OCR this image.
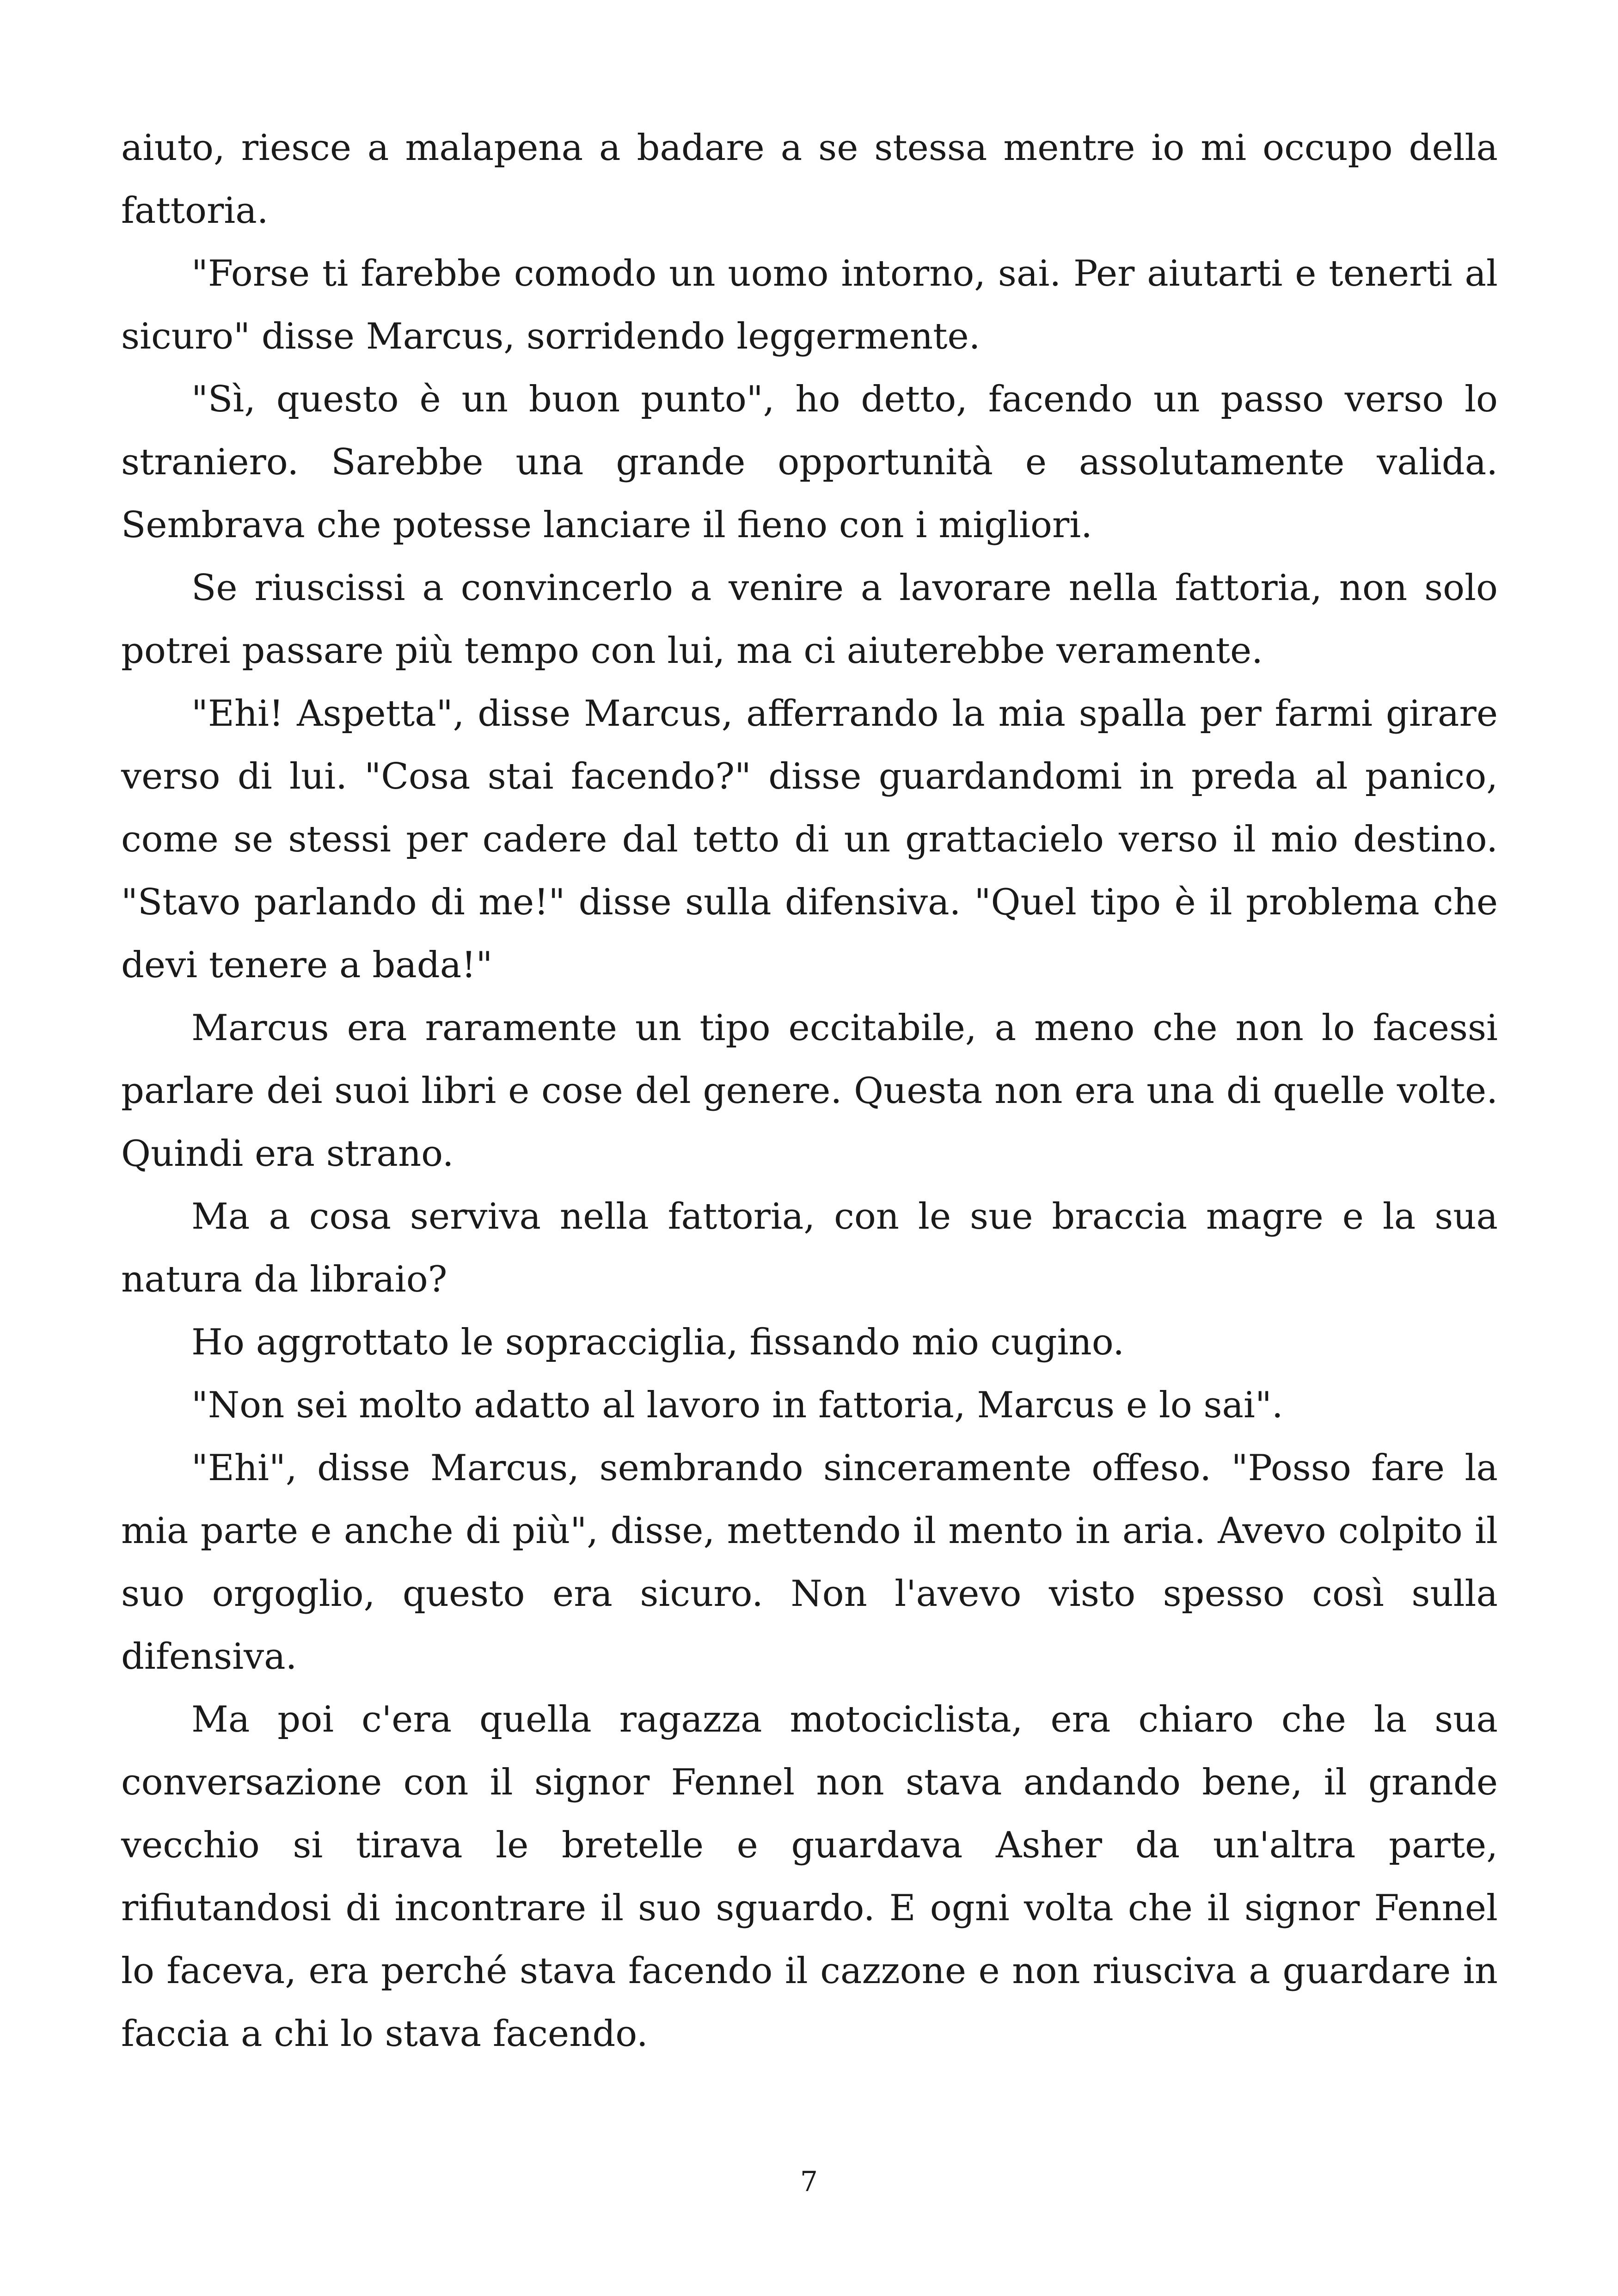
aiuto, riesce a malapena a badare a se stessa mentre io mi occupo della fattoria.

"Forse ti farebbe comodo un uomo intorno, sai. Per aiutarti e tenerti al sicuro" disse Marcus, sorridendo leggermente.

"Sì, questo è un buon punto", ho detto, facendo un passo verso lo straniero. Sarebbe una grande opportunità e assolutamente valida. Sembrava che potesse lanciare il fieno con i migliori.

Se riuscissi a convincerlo a venire a lavorare nella fattoria, non solo potrei passare più tempo con lui, ma ci aiuterebbe veramente.

"Ehi! Aspetta", disse Marcus, afferrando la mia spalla per farmi girare verso di lui. "Cosa stai facendo?" disse guardandomi in preda al panico, come se stessi per cadere dal tetto di un grattacielo verso il mio destino. "Stavo parlando di me!" disse sulla difensiva. "Quel tipo è il problema che devi tenere a bada!"

Marcus era raramente un tipo eccitabile, a meno che non lo facessi parlare dei suoi libri e cose del genere. Questa non era una di quelle volte. Quindi era strano.

Ma a cosa serviva nella fattoria, con le sue braccia magre e la sua natura da libraio?

Ho aggrottato le sopracciglia, fissando mio cugino.

"Non sei molto adatto al lavoro in fattoria, Marcus e lo sai".

"Ehi", disse Marcus, sembrando sinceramente offeso. "Posso fare la mia parte e anche di più", disse, mettendo il mento in aria. Avevo colpito il suo orgoglio, questo era sicuro. Non l'avevo visto spesso così sulla difensiva.

Ma poi c'era quella ragazza motociclista, era chiaro che la sua conversazione con il signor Fennel non stava andando bene, il grande vecchio si tirava le bretelle e guardava Asher da un'altra parte, rifiutandosi di incontrare il suo sguardo. E ogni volta che il signor Fennel lo faceva, era perché stava facendo il cazzone e non riusciva a guardare in faccia a chi lo stava facendo.

7
